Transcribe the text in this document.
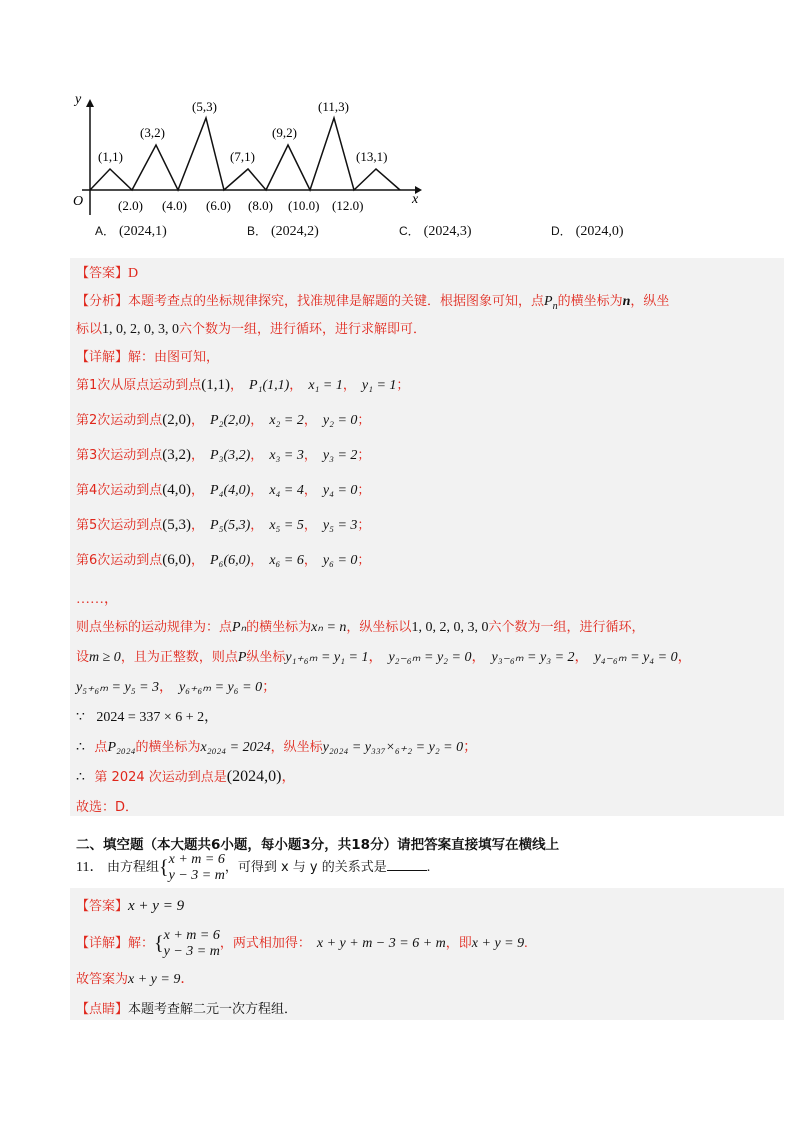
y
x
O
(1,1)
(3,2)
(5,3)
(7,1)
(9,2)
(11,3)
(13,1)
(2.0) (4.0) (6.0) (8.0) (10.0) (12.0)
A． (2024,1)	B． (2024,2)	C． (2024,3)	D． (2024,0)
【答案】D
【分析】本题考查点的坐标规律探究，找准规律是解题的关键．根据图象可知，点$P_n$的横坐标为n，纵坐
标以1, 0, 2, 0, 3, 0六个数为一组，进行循环，进行求解即可．
【详解】解：由图可知，
第1次从原点运动到点(1,1)， P₁(1,1)， x₁ = 1， y₁ = 1；
第2次运动到点(2,0)， P₂(2,0)， x₂ = 2， y₂ = 0；
第3次运动到点(3,2)， P₃(3,2)， x₃ = 3， y₃ = 2；
第4次运动到点(4,0)， P₄(4,0)， x₄ = 4， y₄ = 0；
第5次运动到点(5,3)， P₅(5,3)， x₅ = 5， y₅ = 3；
第6次运动到点(6,0)， P₆(6,0)， x₆ = 6， y₆ = 0；
……，
则点坐标的运动规律为：点Pₙ的横坐标为xₙ = n，纵坐标以1, 0, 2, 0, 3, 0六个数为一组，进行循环，
设m ≥ 0，且为正整数，则点P纵坐标y₁₊₆ₘ = y₁ = 1， y₂₋₆ₘ = y₂ = 0， y₃₋₆ₘ = y₃ = 2， y₄₋₆ₘ = y₄ = 0，
y₅₊₆ₘ = y₅ = 3， y₆₊₆ₘ = y₆ = 0；
∵ 2024 = 337 × 6 + 2，
∴ 点P₂₀₂₄的横坐标为x₂₀₂₄ = 2024，纵坐标y₂₀₂₄ = y₃₃₇×₆₊₂ = y₂ = 0；
∴ 第 2024 次运动到点是(2024,0)，
故选：D．
二、填空题（本大题共6小题，每小题3分，共18分）请把答案直接填写在横线上
11． 由方程组{x + m = 6
y − 3 = m，可得到 x 与 y 的关系式是	.
【答案】x + y = 9
【详解】解：{x + m = 6
y − 3 = m，两式相加得： x + y + m − 3 = 6 + m，即x + y = 9.
故答案为x + y = 9．
【点睛】本题考查解二元一次方程组．
